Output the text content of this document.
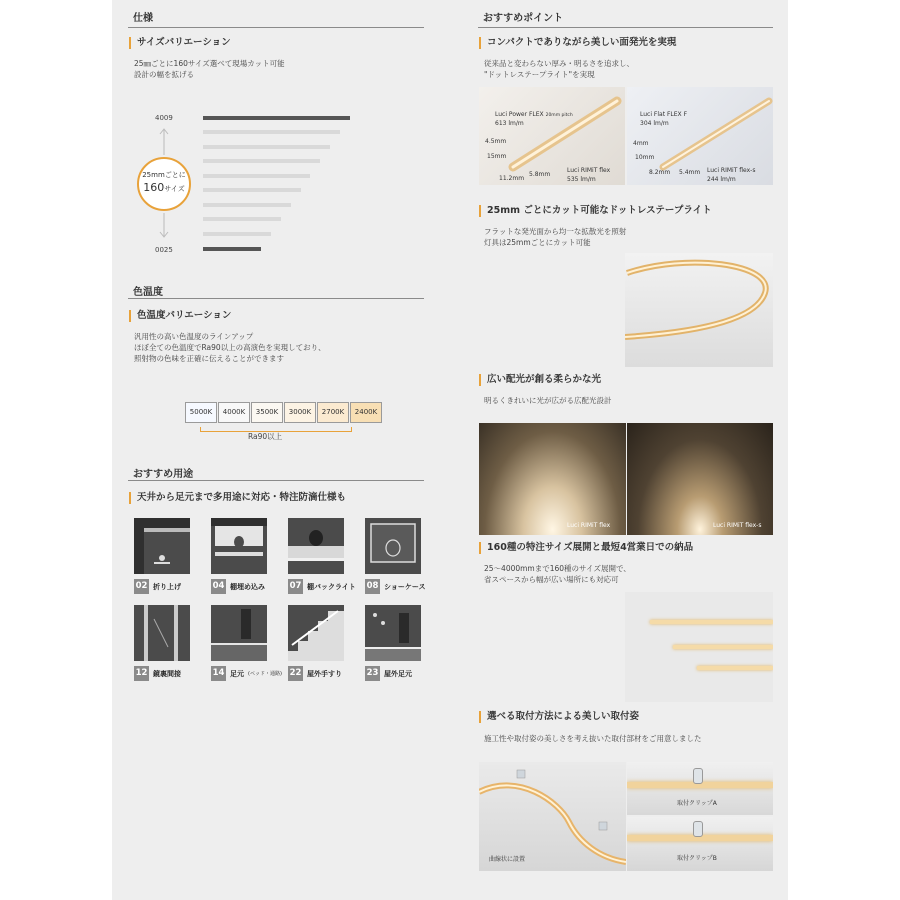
仕様
サイズバリエーション
25㎜ごとに160サイズ選べて現場カット可能
設計の幅を拡げる
4009
0025
25mmごとに
160サイズ
色温度
色温度バリエーション
汎用性の高い色温度のラインアップ
ほぼ全ての色温度でRa90以上の高演色を実現しており、
照射物の色味を正確に伝えることができます
5000K	4000K	3500K	3000K	2700K	2400K
Ra90以上
おすすめ用途
天井から足元まで多用途に対応・特注防滴仕様も
02 折り上げ	04 棚埋め込み	07 棚バックライト 08 ショーケース
12 鏡裏間接	14 足元 (ベッド・通路) 22 屋外手すり	23 屋外足元
おすすめポイント
コンパクトでありながら美しい面発光を実現
従来品と変わらない厚み・明るさを追求し、
"ドットレステープライト"を実現
Luci Power FLEX 20mm pitch
613 lm/m
4.5mm
15mm
11.2mm
5.8mm
Luci RIMiT flex
535 lm/m
Luci Flat FLEX F
304 lm/m
4mm
10mm
8.2mm 5.4mm Luci RIMiT flex-s
244 lm/m
25mm ごとにカット可能なドットレステープライト
フラットな発光面から均一な拡散光を照射
灯具は25mmごとにカット可能
広い配光が創る柔らかな光
明るくきれいに光が広がる広配光設計
Luci RIMiT flex	Luci RIMiT flex-s
160種の特注サイズ展開と最短4営業日での納品
25～4000mmまで160種のサイズ展開で、
省スペースから幅が広い場所にも対応可
選べる取付方法による美しい取付姿
施工性や取付姿の美しさを考え抜いた取付部材をご用意しました
曲線状に設置
取付クリップA
取付クリップB
